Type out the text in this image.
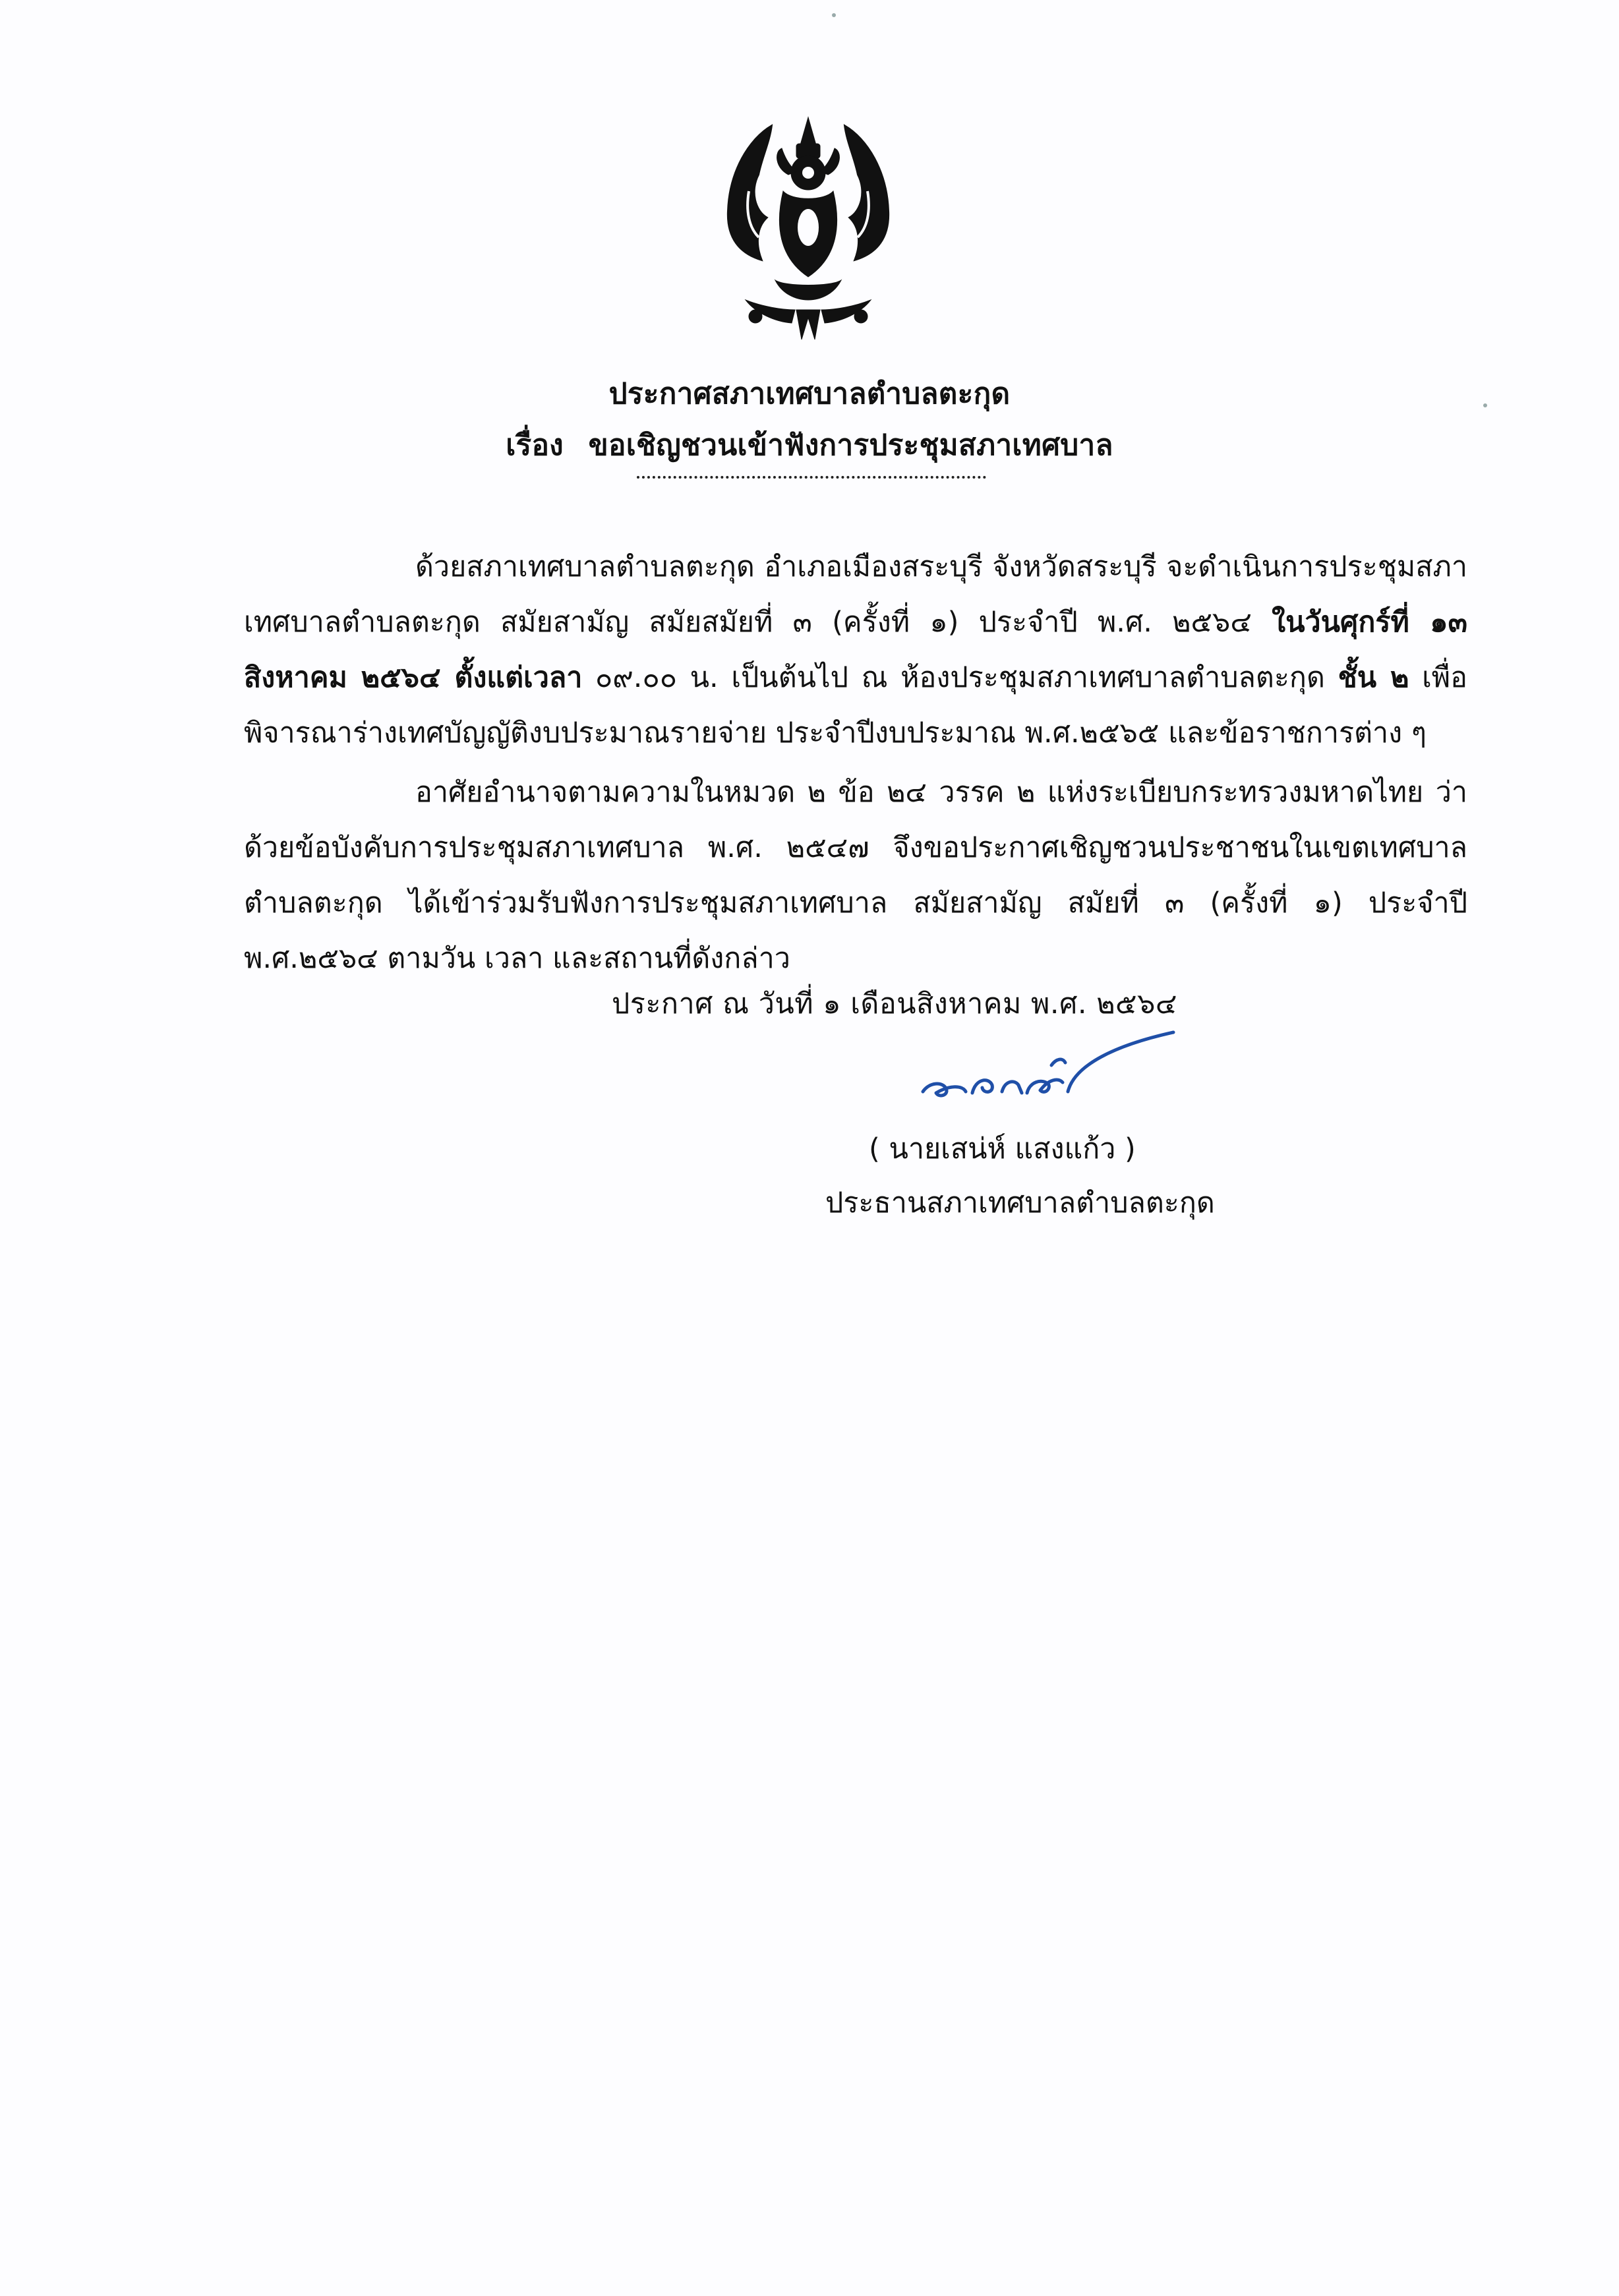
ประกาศสภาเทศบาลตำบลตะกุด
เรื่อง ขอเชิญชวนเข้าฟังการประชุมสภาเทศบาล

ด้วยสภาเทศบาลตำบลตะกุด อำเภอเมืองสระบุรี จังหวัดสระบุรี จะดำเนินการประชุมสภาเทศบาลตำบลตะกุด สมัยสามัญ สมัยสมัยที่ ๓ (ครั้งที่ ๑) ประจำปี พ.ศ. ๒๕๖๔ ในวันศุกร์ที่ ๑๓ สิงหาคม ๒๕๖๔ ตั้งแต่เวลา ๐๙.๐๐ น. เป็นต้นไป ณ ห้องประชุมสภาเทศบาลตำบลตะกุด ชั้น ๒ เพื่อพิจารณาร่างเทศบัญญัติงบประมาณรายจ่าย ประจำปีงบประมาณ พ.ศ.๒๕๖๕ และข้อราชการต่าง ๆ

อาศัยอำนาจตามความในหมวด ๒ ข้อ ๒๔ วรรค ๒ แห่งระเบียบกระทรวงมหาดไทย ว่าด้วยข้อบังคับการประชุมสภาเทศบาล พ.ศ. ๒๕๔๗ จึงขอประกาศเชิญชวนประชาชนในเขตเทศบาลตำบลตะกุด ได้เข้าร่วมรับฟังการประชุมสภาเทศบาล สมัยสามัญ สมัยที่ ๓ (ครั้งที่ ๑) ประจำปี พ.ศ.๒๕๖๔ ตามวัน เวลา และสถานที่ดังกล่าว

ประกาศ ณ วันที่ ๑ เดือนสิงหาคม พ.ศ. ๒๕๖๔
( นายเสน่ห์ แสงแก้ว )
ประธานสภาเทศบาลตำบลตะกุด
